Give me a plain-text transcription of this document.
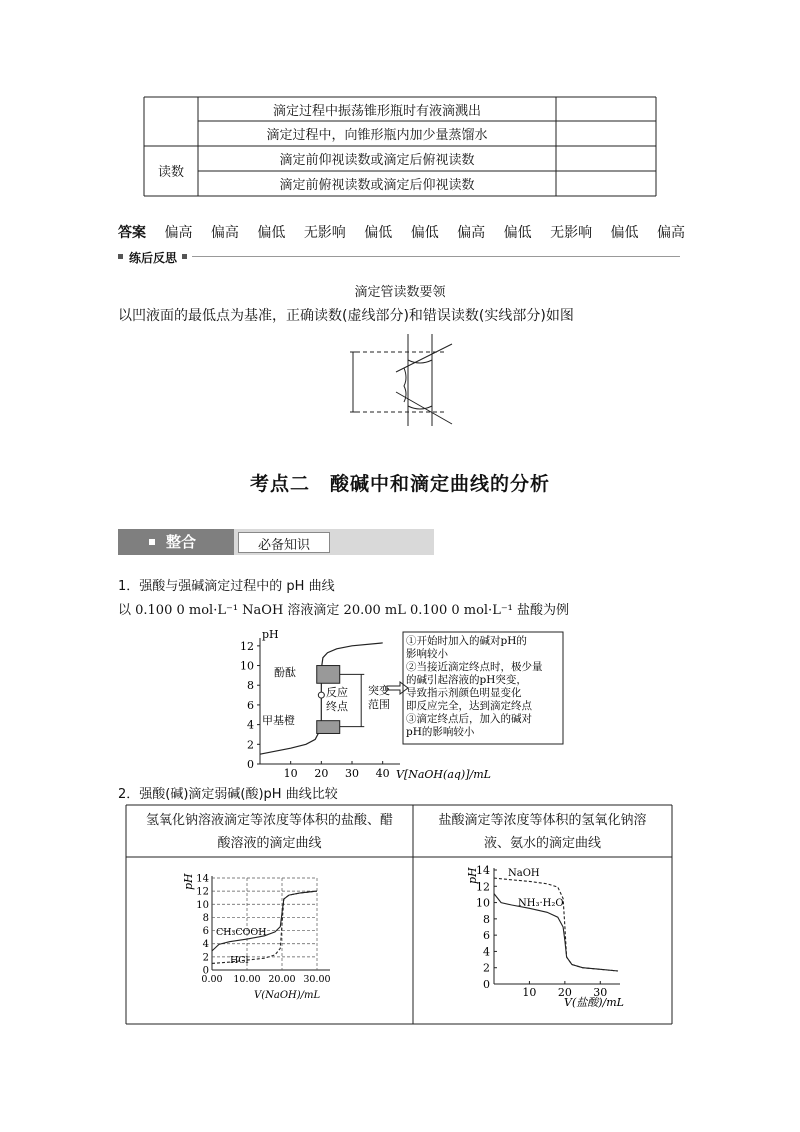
滴定过程中振荡锥形瓶时有液滴溅出
滴定过程中，向锥形瓶内加少量蒸馏水
滴定前仰视读数或滴定后俯视读数
滴定前俯视读数或滴定后仰视读数
读数
答案 偏高 偏高 偏低 无影响 偏低 偏低 偏高 偏低 无影响 偏低 偏高
练后反思
滴定管读数要领
以凹液面的最低点为基准，正确读数(虚线部分)和错误读数(实线部分)如图
考点二　酸碱中和滴定曲线的分析
整合	必备知识
1．强酸与强碱滴定过程中的 pH 曲线
以 0.100 0 mol·L⁻¹ NaOH 溶液滴定 20.00 mL 0.100 0 mol·L⁻¹ 盐酸为例
pH
V[NaOH(aq)]/mL
0
2
4
6
8
10
12
10 20 30 40
酚酞
甲基橙
反应
终点
突变
范围
①开始时加入的碱对pH的
影响较小
②当接近滴定终点时，极少量
的碱引起溶液的pH突变，
导致指示剂颜色明显变化
即反应完全，达到滴定终点
③滴定终点后，加入的碱对
pH的影响较小
2．强酸(碱)滴定弱碱(酸)pH 曲线比较
氢氧化钠溶液滴定等浓度等体积的盐酸、醋
酸溶液的滴定曲线
盐酸滴定等浓度等体积的氢氧化钠溶
液、氨水的滴定曲线
pH
V(NaOH)/mL
0
2
4
6
8
10
12
14
0.00 10.00 20.00 30.00
CH₃COOH
HCl
pH
V(盐酸)/mL
0
2
4
6
8
10
12
14
10 20 30
NaOH
NH₃·H₂O
